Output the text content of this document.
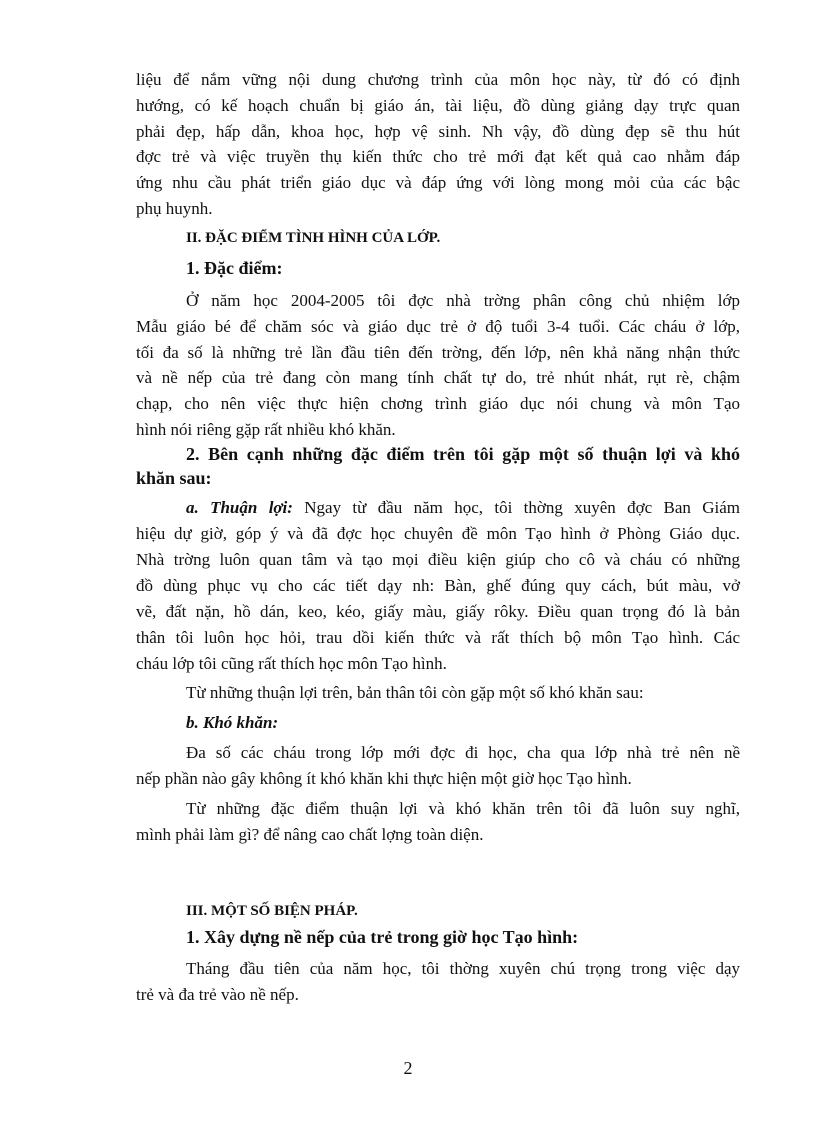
liệu để nắm vững nội dung chương trình của môn học này, từ đó có định
hướng, có kế hoạch chuẩn bị giáo án, tài liệu, đồ dùng giảng dạy trực quan
phải đẹp, hấp dẫn, khoa học, hợp vệ sinh. Nh vậy, đồ dùng đẹp sẽ thu hút
đợc trẻ và việc truyền thụ kiến thức cho trẻ mới đạt kết quả cao nhằm đáp
ứng nhu cầu phát triển giáo dục và đáp ứng với lòng mong mỏi của các bậc
phụ huynh.
II. ĐẶC ĐIỂM TÌNH HÌNH CỦA LỚP.
1. Đặc điểm:
Ở năm học 2004-2005 tôi đợc nhà trờng phân công chủ nhiệm lớp
Mẫu giáo bé để chăm sóc và giáo dục trẻ ở độ tuổi 3-4 tuổi. Các cháu ở lớp,
tối đa số là những trẻ lần đầu tiên đến trờng, đến lớp, nên khả năng nhận thức
và nề nếp của trẻ đang còn mang tính chất tự do, trẻ nhút nhát, rụt rè, chậm
chạp, cho nên việc thực hiện chơng trình giáo dục nói chung và môn Tạo
hình nói riêng gặp rất nhiều khó khăn.
2. Bên cạnh những đặc điểm trên tôi gặp một số thuận lợi và khó
khăn sau:
a. Thuận lợi: Ngay từ đầu năm học, tôi thờng xuyên đợc Ban Giám
hiệu dự giờ, góp ý và đã đợc học chuyên đề môn Tạo hình ở Phòng Giáo dục.
Nhà trờng luôn quan tâm và tạo mọi điều kiện giúp cho cô và cháu có những
đồ dùng phục vụ cho các tiết dạy nh: Bàn, ghế đúng quy cách, bút màu, vở
vẽ, đất nặn, hồ dán, keo, kéo, giấy màu, giấy rôky. Điều quan trọng đó là bản
thân tôi luôn học hỏi, trau dồi kiến thức và rất thích bộ môn Tạo hình. Các
cháu lớp tôi cũng rất thích học môn Tạo hình.
Từ những thuận lợi trên, bản thân tôi còn gặp một số khó khăn sau:
b. Khó khăn:
Đa số các cháu trong lớp mới đợc đi học, cha qua lớp nhà trẻ nên nề
nếp phần nào gây không ít khó khăn khi thực hiện một giờ học Tạo hình.
Từ những đặc điểm thuận lợi và khó khăn trên tôi đã luôn suy nghĩ,
mình phải làm gì? để nâng cao chất lợng toàn diện.
III. MỘT SỐ BIỆN PHÁP.
1. Xây dựng nề nếp của trẻ trong giờ học Tạo hình:
Tháng đầu tiên của năm học, tôi thờng xuyên chú trọng trong việc dạy
trẻ và đa trẻ vào nề nếp.
2
